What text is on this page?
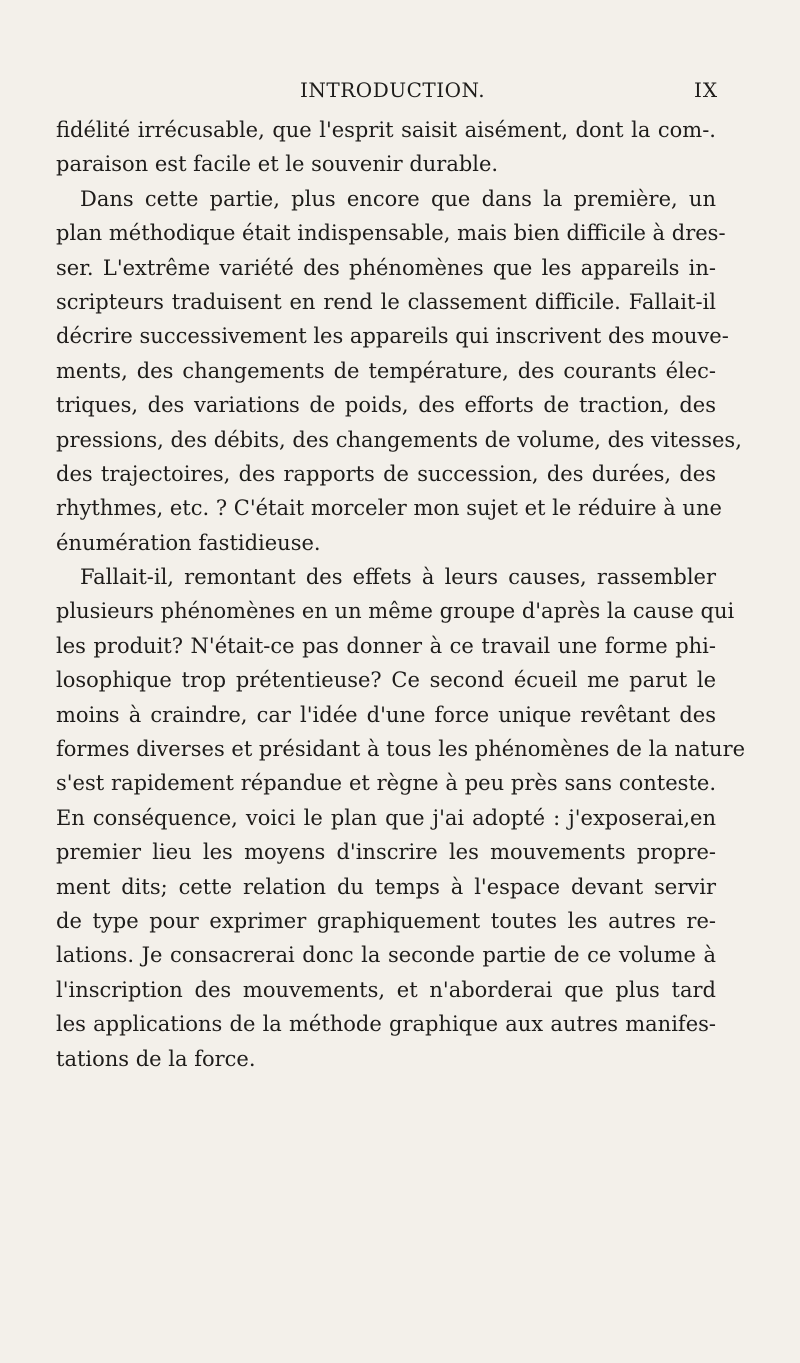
INTRODUCTION.	IX
fidélité irrécusable, que l'esprit saisit aisément, dont la com-.
paraison est facile et le souvenir durable.
Dans cette partie, plus encore que dans la première, un
plan méthodique était indispensable, mais bien difficile à dres-
ser. L'extrême variété des phénomènes que les appareils in-
scripteurs traduisent en rend le classement difficile. Fallait-il
décrire successivement les appareils qui inscrivent des mouve-
ments, des changements de température, des courants élec-
triques, des variations de poids, des efforts de traction, des
pressions, des débits, des changements de volume, des vitesses,
des trajectoires, des rapports de succession, des durées, des
rhythmes, etc. ? C'était morceler mon sujet et le réduire à une
énumération fastidieuse.
Fallait-il, remontant des effets à leurs causes, rassembler
plusieurs phénomènes en un même groupe d'après la cause qui
les produit? N'était-ce pas donner à ce travail une forme phi-
losophique trop prétentieuse? Ce second écueil me parut le
moins à craindre, car l'idée d'une force unique revêtant des
formes diverses et présidant à tous les phénomènes de la nature
s'est rapidement répandue et règne à peu près sans conteste.
En conséquence, voici le plan que j'ai adopté : j'exposerai,en
premier lieu les moyens d'inscrire les mouvements propre-
ment dits; cette relation du temps à l'espace devant servir
de type pour exprimer graphiquement toutes les autres re-
lations. Je consacrerai donc la seconde partie de ce volume à
l'inscription des mouvements, et n'aborderai que plus tard
les applications de la méthode graphique aux autres manifes-
tations de la force.
